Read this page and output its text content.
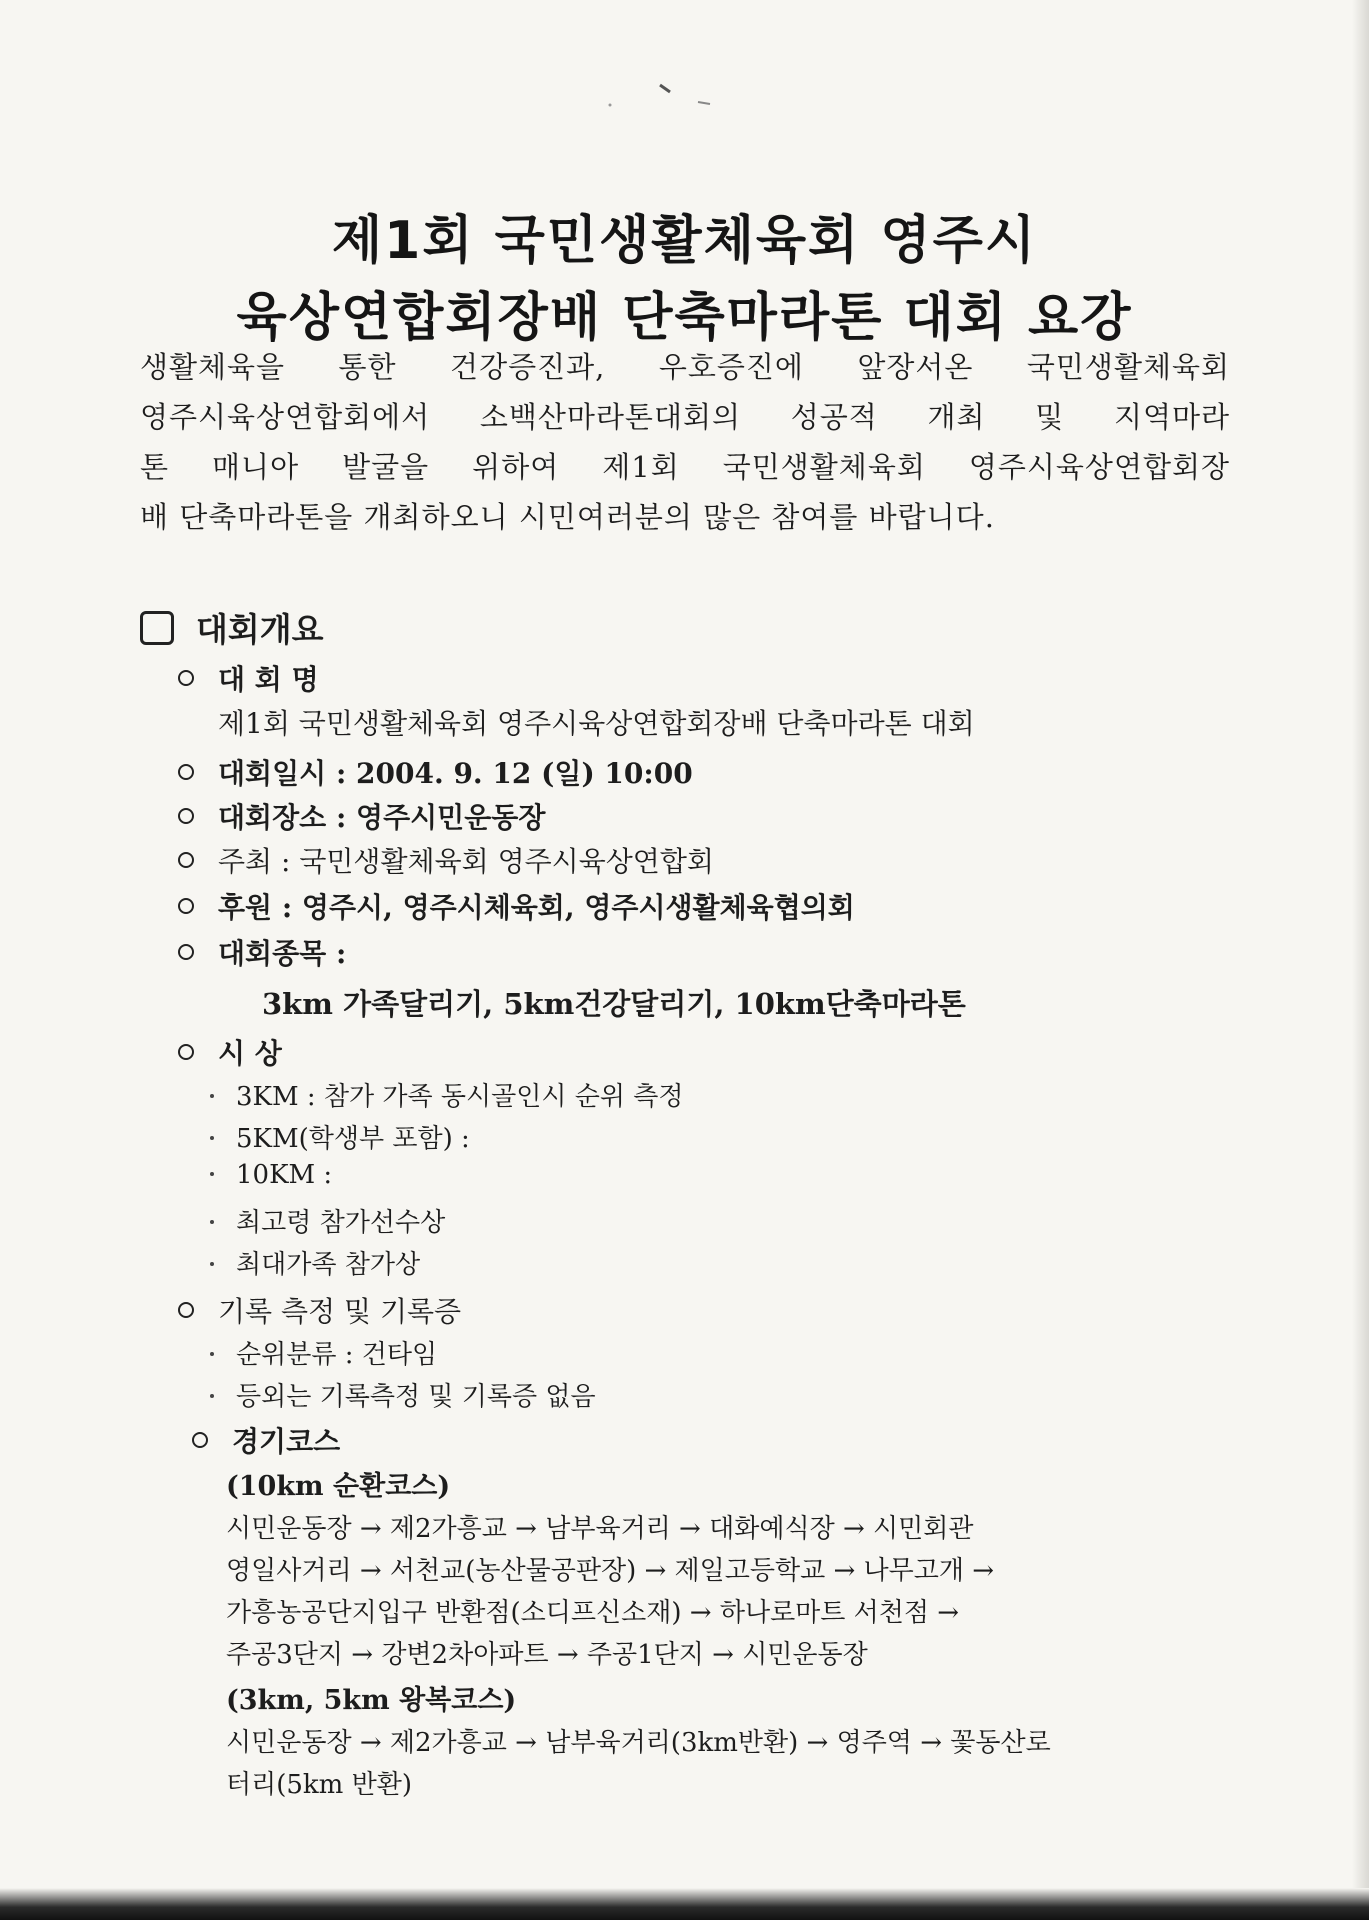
제1회 국민생활체육회 영주시
육상연합회장배 단축마라톤 대회 요강
생활체육을 통한 건강증진과, 우호증진에 앞장서온 국민생활체육회
영주시육상연합회에서 소백산마라톤대회의 성공적 개최 및 지역마라
톤 매니아 발굴을 위하여 제1회 국민생활체육회 영주시육상연합회장
배 단축마라톤을 개최하오니 시민여러분의 많은 참여를 바랍니다.
대회개요
대 회 명
제1회 국민생활체육회 영주시육상연합회장배 단축마라톤 대회
대회일시 : 2004. 9. 12 (일) 10:00
대회장소 : 영주시민운동장
주최 : 국민생활체육회 영주시육상연합회
후원 : 영주시, 영주시체육회, 영주시생활체육협의회
대회종목 :
3km 가족달리기, 5km건강달리기, 10km단축마라톤
시 상
3KM : 참가 가족 동시골인시 순위 측정
5KM(학생부 포함) :
10KM :
최고령 참가선수상
최대가족 참가상
기록 측정 및 기록증
순위분류 : 건타임
등외는 기록측정 및 기록증 없음
경기코스
(10km 순환코스)
시민운동장 → 제2가흥교 → 남부육거리 → 대화예식장 → 시민회관
영일사거리 → 서천교(농산물공판장) → 제일고등학교 → 나무고개 →
가흥농공단지입구 반환점(소디프신소재) → 하나로마트 서천점 →
주공3단지 → 강변2차아파트 → 주공1단지 → 시민운동장
(3km, 5km 왕복코스)
시민운동장 → 제2가흥교 → 남부육거리(3km반환) → 영주역 → 꽃동산로
터리(5km 반환)
